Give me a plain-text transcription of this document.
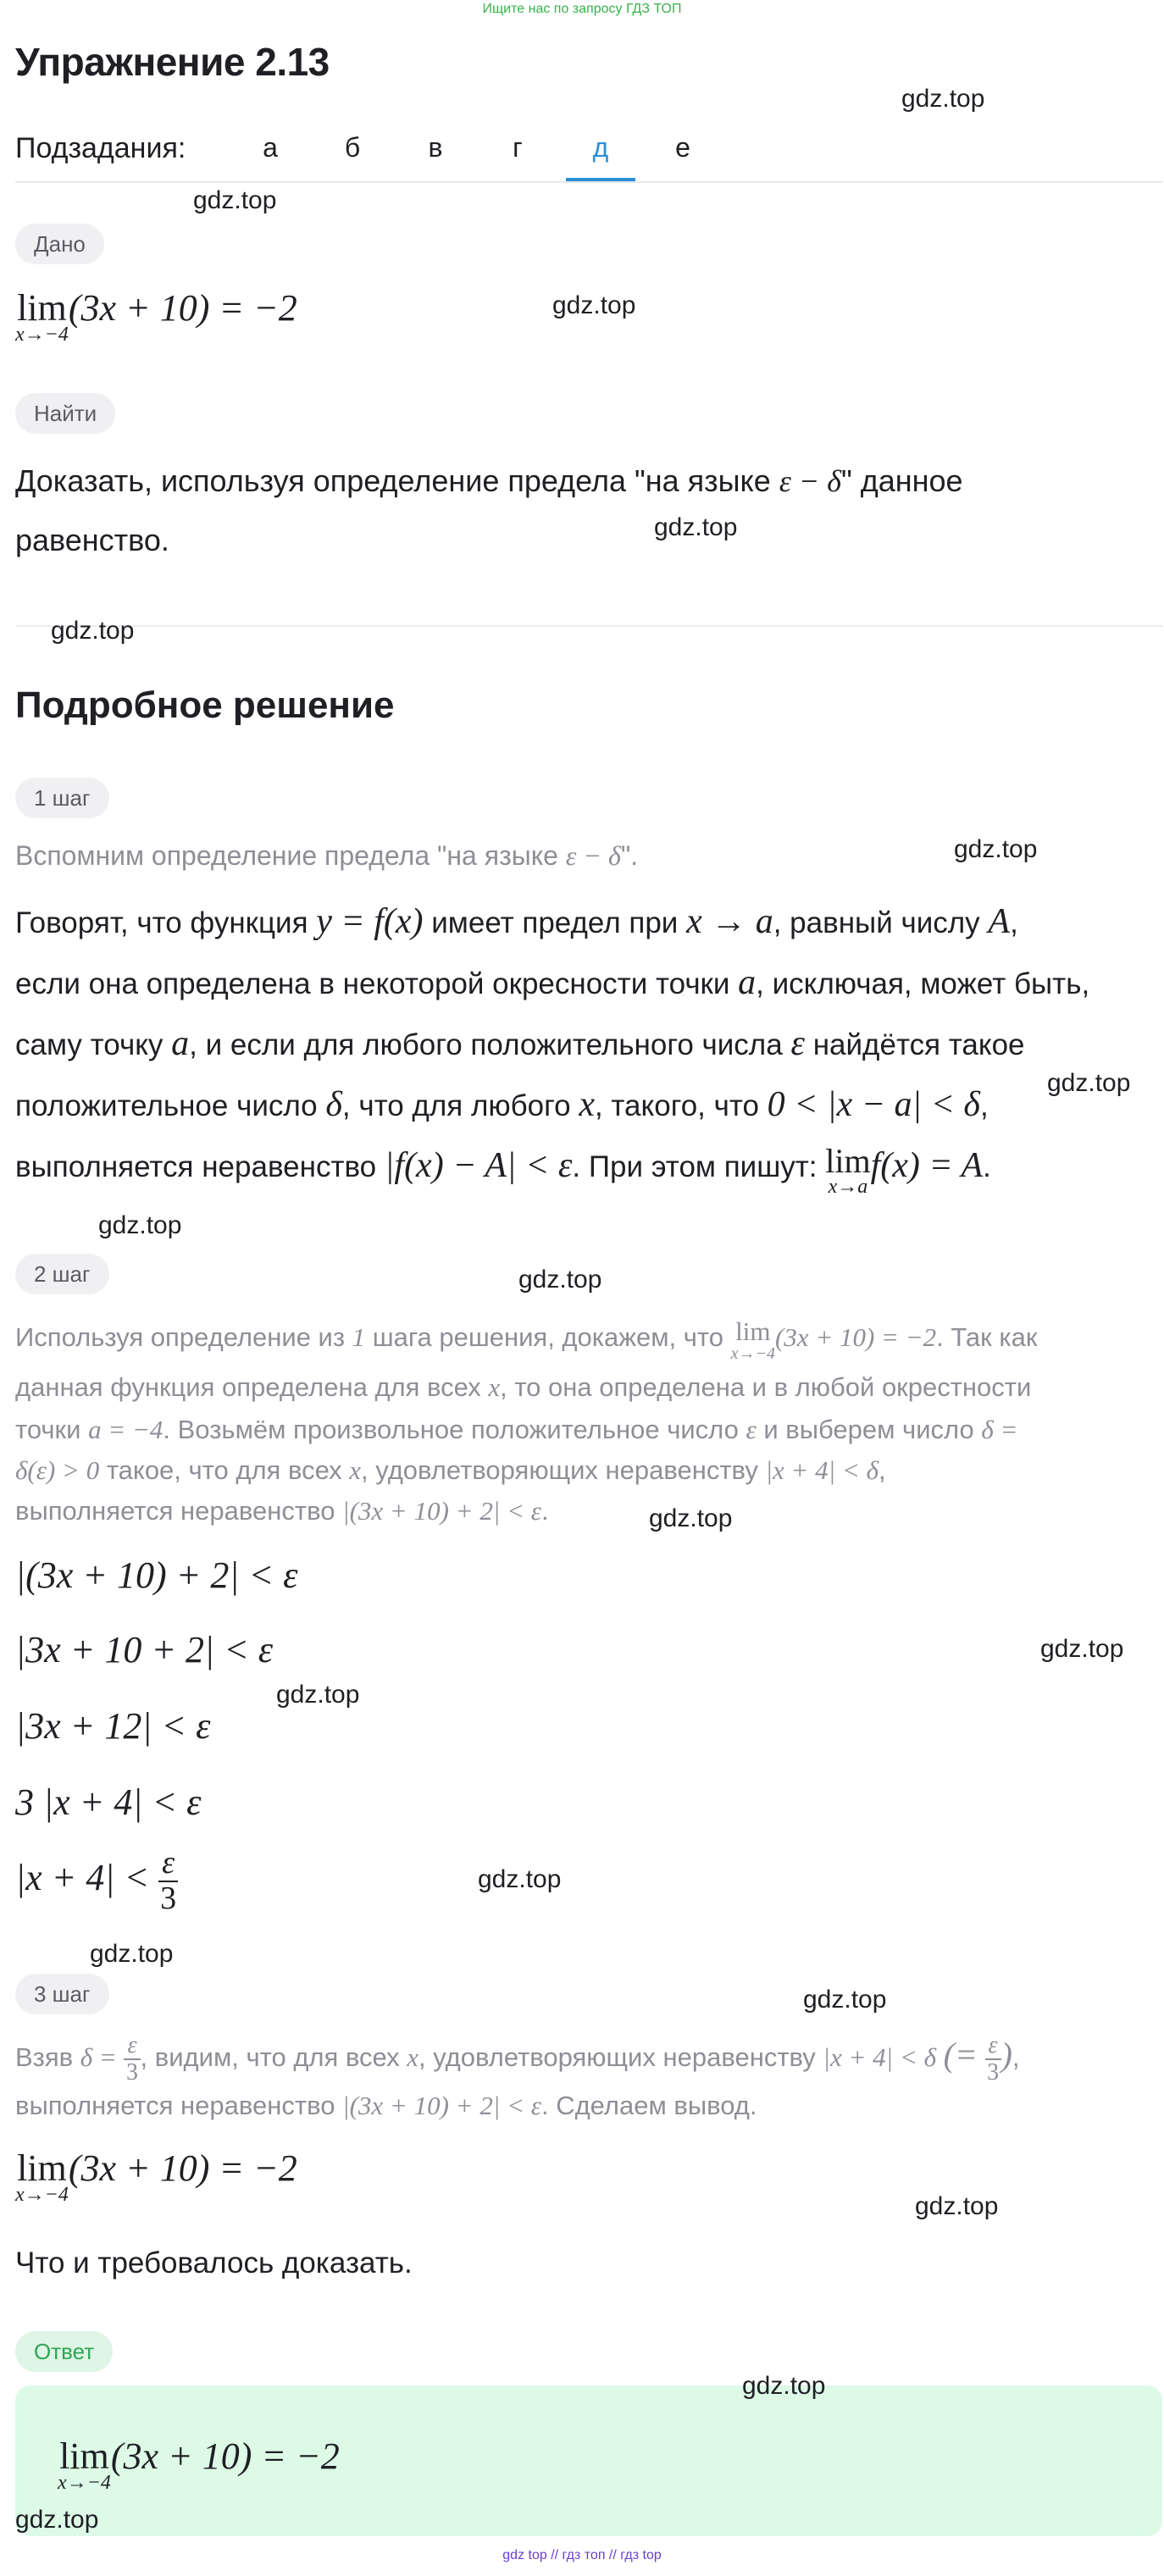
Ищите нас по запросу ГДЗ ТОП
Упражнение 2.13
Подзадания:	а	б	в	г	д	е
Дано
lim
x→−4
(3x + 10) = −2
Найти
Доказать, используя определение предела "на языке ε − δ" данное
равенство.
Подробное решение
1 шаг
Вспомним определение предела "на языке ε − δ".
Говорят, что функция y = f(x) имеет предел при x → a, равный числу A,
если она определена в некоторой окресности точки a, исключая, может быть,
саму точку a, и если для любого положительного числа ε найдётся такое
положительное число δ, что для любого x, такого, что 0 < |x − a| < δ,
выполняется неравенство |f(x) − A| < ε. При этом пишут: lim
x→a
f(x) = A.
2 шаг
Используя определение из 1 шага решения, докажем, что lim
x→−4
(3x + 10) = −2. Так как
данная функция определена для всех x, то она определена и в любой окрестности
точки a = −4. Возьмём произвольное положительное число ε и выберем число δ =
δ(ε) > 0 такое, что для всех x, удовлетворяющих неравенству |x + 4| < δ,
выполняется неравенство |(3x + 10) + 2| < ε.
|(3x + 10) + 2| < ε
|3x + 10 + 2| < ε
|3x + 12| < ε
3 |x + 4| < ε
$|x + 4| < \frac{\varepsilon}{3}$
3 шаг
Взяв $\delta = \frac{\varepsilon}{3}$ , видим, что для всех x, удовлетворяющих неравенству |x + 4| < δ (= $\frac{\varepsilon}{3}$ ),
выполняется неравенство |(3x + 10) + 2| < ε. Сделаем вывод.
lim
x→−4
(3x + 10) = −2
Что и требовалось доказать.
Ответ
lim
x→−4
(3x + 10) = −2
gdz.top
gdz.top
gdz.top
gdz.top
gdz.top
gdz.top
gdz.top
gdz.top
gdz.top
gdz.top
gdz.top
gdz.top
gdz.top
gdz.top
gdz.top
gdz.top
gdz.top
gdz.top
gdz top // гдз топ // гдз top
